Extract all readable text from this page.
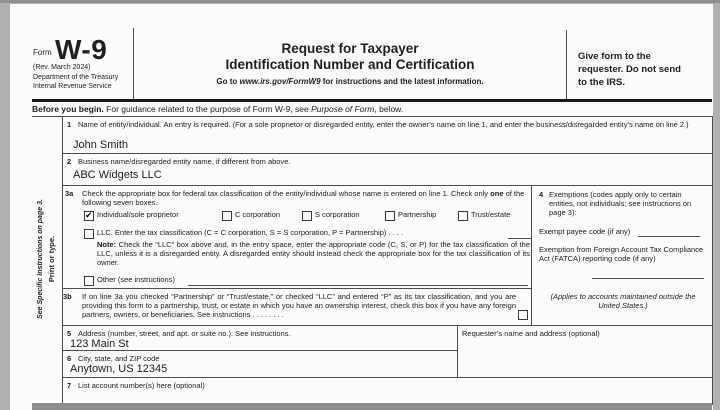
Form W-9
(Rev. March 2024)
Department of the Treasury
Internal Revenue Service
Request for Taxpayer
Identification Number and Certification
Go to www.irs.gov/FormW9 for instructions and the latest information.
Give form to the requester. Do not send to the IRS.
Before you begin. For guidance related to the purpose of Form W-9, see Purpose of Form, below.
See Specific Instructions on page 3. Print or type.
1 Name of entity/individual. An entry is required. (For a sole proprietor or disregarded entity, enter the owner’s name on line 1, and enter the business/disregarded entity’s name on line 2.)
John Smith
2 Business name/disregarded entity name, if different from above.
ABC Widgets LLC
3a Check the appropriate box for federal tax classification of the entity/individual whose name is entered on line 1. Check only one of the following seven boxes.
✔ Individual/sole proprietor	C corporation	S corporation	Partnership	Trust/estate
LLC. Enter the tax classification (C = C corporation, S = S corporation, P = Partnership) . . . .
Note: Check the “LLC” box above and, in the entry space, enter the appropriate code (C, S, or P) for the tax classification of the LLC, unless it is a disregarded entity. A disregarded entity should instead check the appropriate box for the tax classification of its owner.
Other (see instructions)
3b If on line 3a you checked “Partnership” or “Trust/estate,” or checked “LLC” and entered “P” as its tax classification, and you are providing this form to a partnership, trust, or estate in which you have an ownership interest, check this box if you have any foreign partners, owners, or beneficiaries. See instructions . . . . . . . .
4 Exemptions (codes apply only to certain entities, not individuals; see instructions on page 3):
Exempt payee code (if any)
Exemption from Foreign Account Tax Compliance Act (FATCA) reporting code (if any)
(Applies to accounts maintained outside the United States.)
5 Address (number, street, and apt. or suite no.). See instructions.
123 Main St
Requester’s name and address (optional)
6 City, state, and ZIP code
Anytown, US 12345
7 List account number(s) here (optional)
